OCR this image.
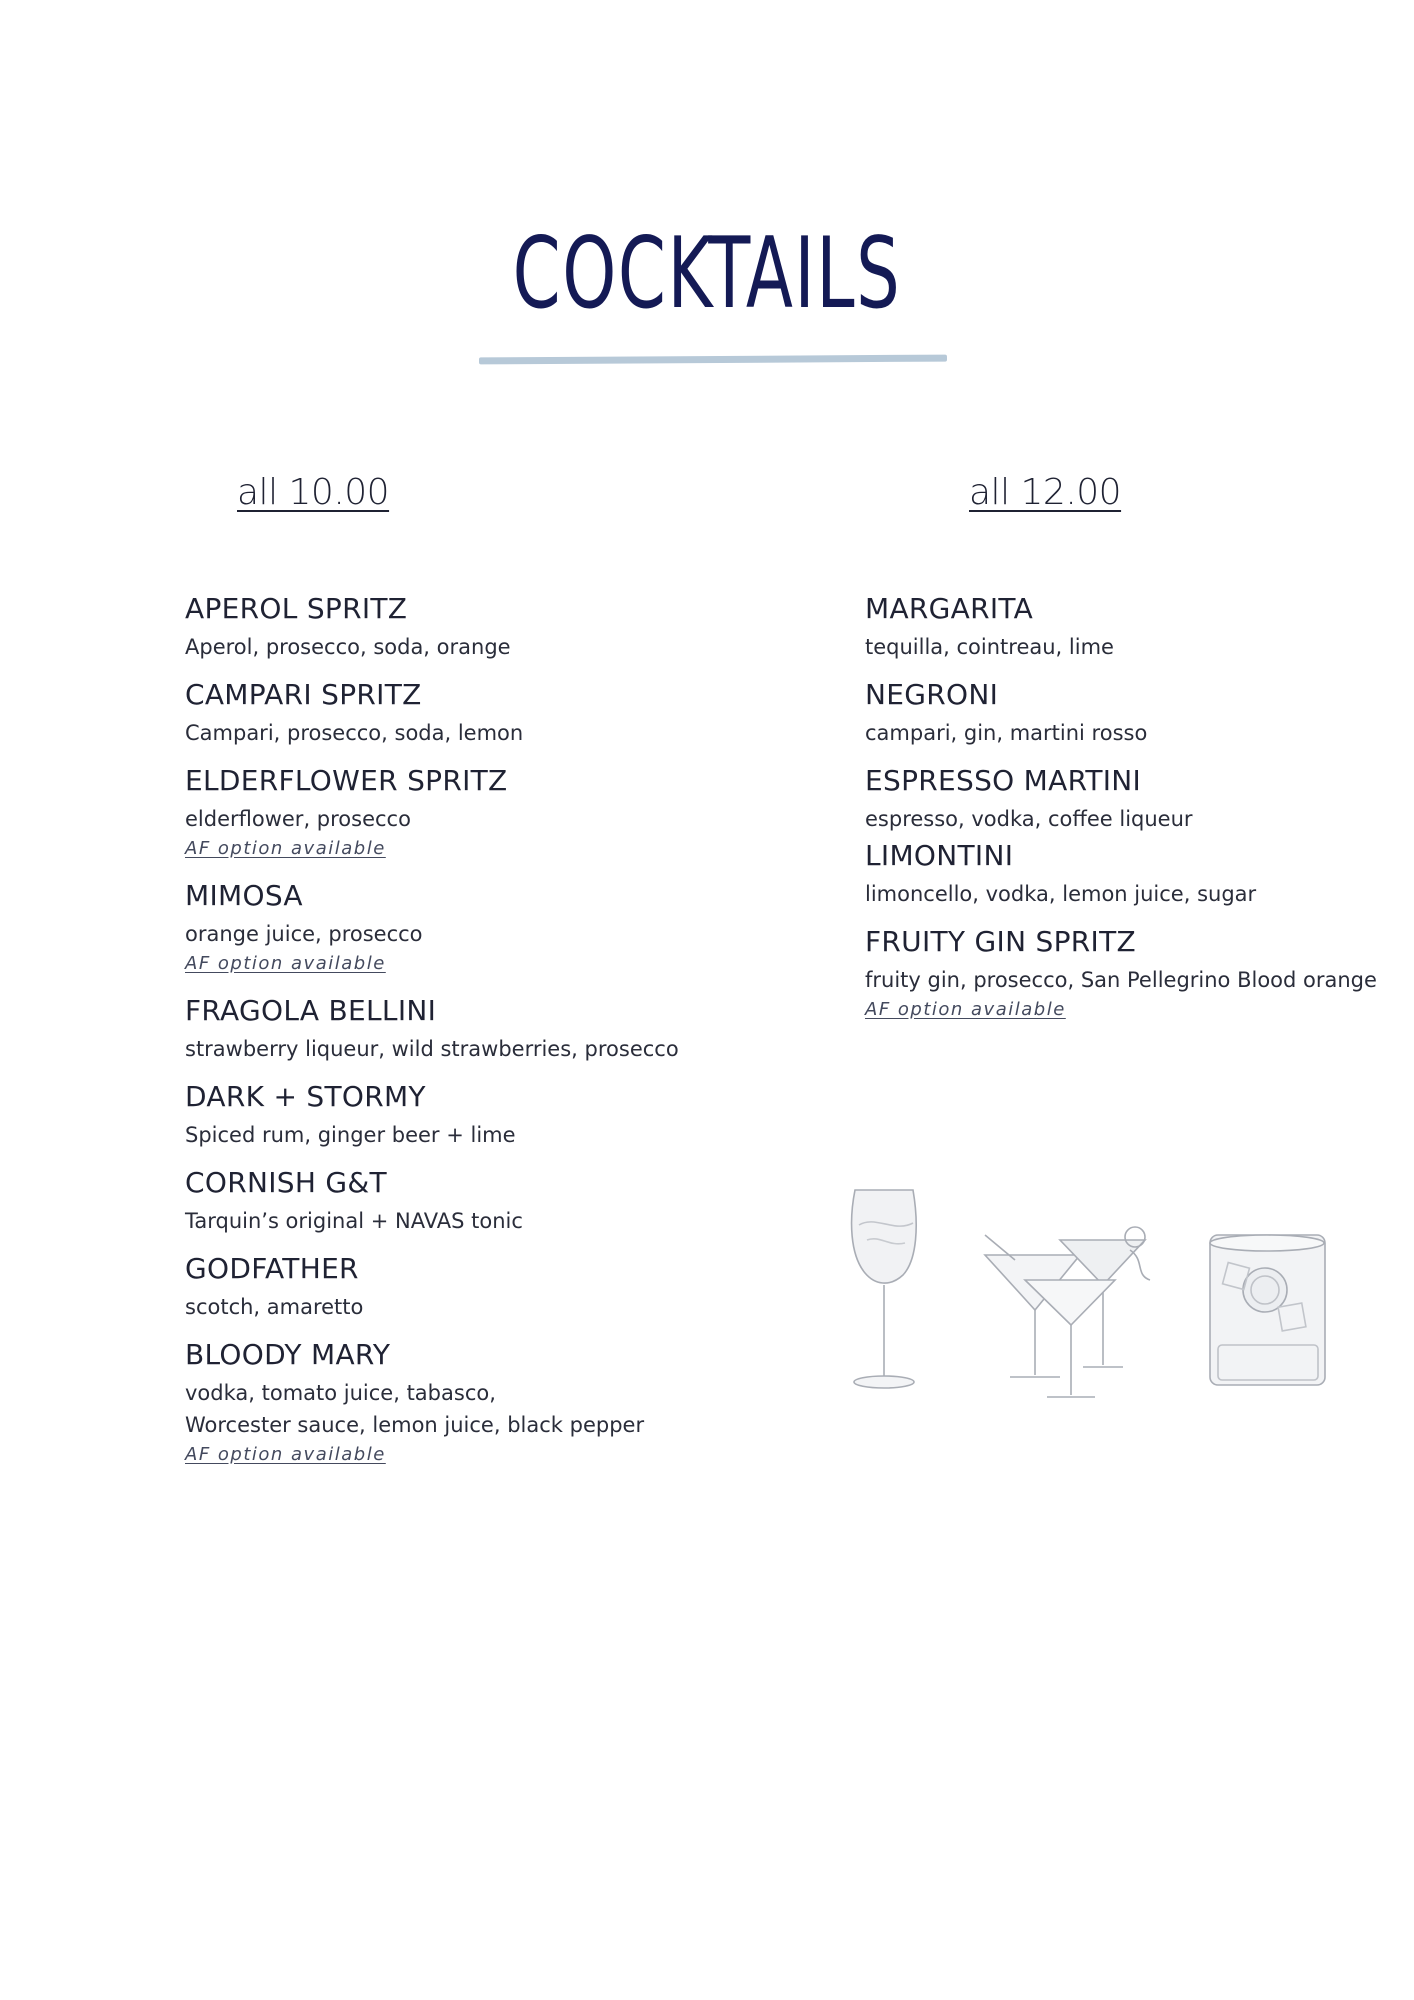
COCKTAILS
all 10.00	all 12.00
APEROL SPRITZ
Aperol, prosecco, soda, orange
CAMPARI SPRITZ
Campari, prosecco, soda, lemon
ELDERFLOWER SPRITZ
elderflower, prosecco
AF option available
MIMOSA
orange juice, prosecco
AF option available
FRAGOLA BELLINI
strawberry liqueur, wild strawberries, prosecco
DARK + STORMY
Spiced rum, ginger beer + lime
CORNISH G&T
Tarquin’s original + NAVAS tonic
GODFATHER
scotch, amaretto
BLOODY MARY
vodka, tomato juice, tabasco,
Worcester sauce, lemon juice, black pepper
AF option available
MARGARITA
tequilla, cointreau, lime
NEGRONI
campari, gin, martini rosso
ESPRESSO MARTINI
espresso, vodka, coffee liqueur
LIMONTINI
limoncello, vodka, lemon juice, sugar
FRUITY GIN SPRITZ
fruity gin, prosecco, San Pellegrino Blood orange
AF option available
